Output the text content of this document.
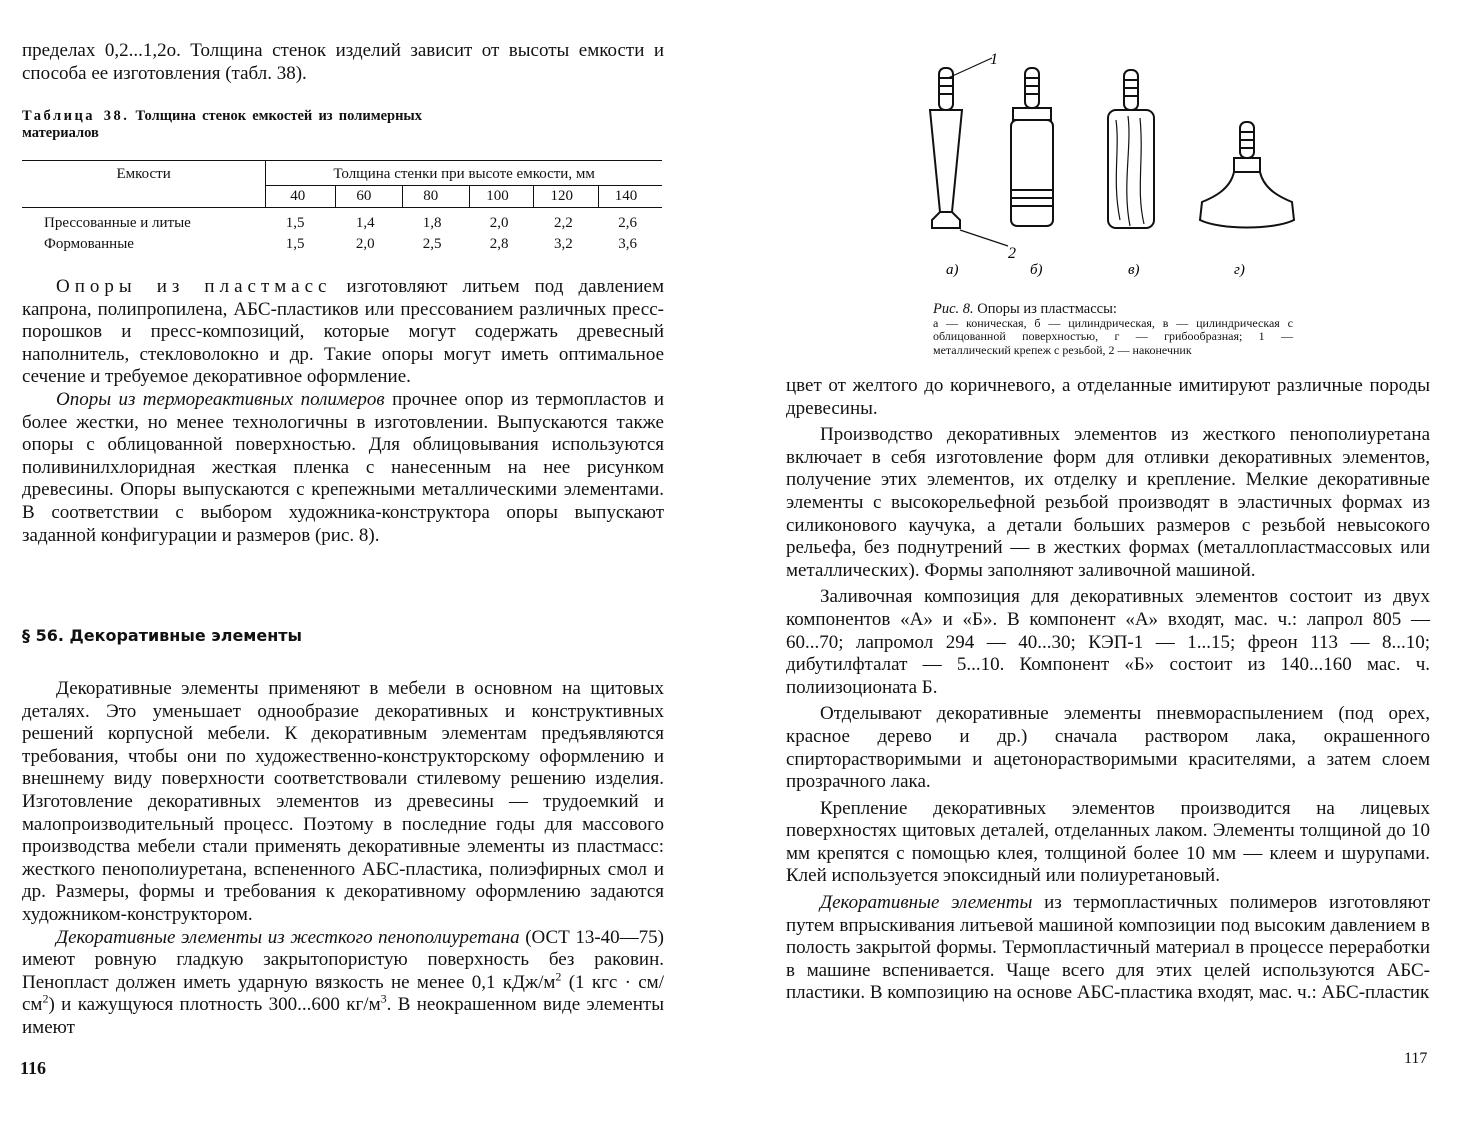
пределах 0,2...1,2о. Толщина стенок изделий зависит от высоты емкости и способа ее изготовления (табл. 38).

Таблица 38. Толщина стенок емкостей из полимерных материалов

Емкости	Толщина стенки при высоте емкости, мм					
	40	60	80	100	120	140
Прессованные и литые	1,5	1,4	1,8	2,0	2,2	2,6
Формованные	1,5	2,0	2,5	2,8	3,2	3,6

Опоры из пластмасс изготовляют литьем под давлением капрона, полипропилена, АБС-пластиков или прессованием различных пресс-порошков и пресс-композиций, которые могут содержать древесный наполнитель, стекловолокно и др. Такие опоры могут иметь оптимальное сечение и требуемое декоративное оформление.

Опоры из термореактивных полимеров прочнее опор из термопластов и более жестки, но менее технологичны в изготовлении. Выпускаются также опоры с облицованной поверхностью. Для облицовывания используются поливинилхлоридная жесткая пленка с нанесенным на нее рисунком древесины. Опоры выпускаются с крепежными металлическими элементами. В соответствии с выбором художника-конструктора опоры выпускают заданной конфигурации и размеров (рис. 8).

§ 56. Декоративные элементы

Декоративные элементы применяют в мебели в основном на щитовых деталях. Это уменьшает однообразие декоративных и конструктивных решений корпусной мебели. К декоративным элементам предъявляются требования, чтобы они по художественно-конструкторскому оформлению и внешнему виду поверхности соответствовали стилевому решению изделия. Изготовление декоративных элементов из древесины — трудоемкий и малопроизводительный процесс. Поэтому в последние годы для массового производства мебели стали применять декоративные элементы из пластмасс: жесткого пенополиуретана, вспененного АБС-пластика, полиэфирных смол и др. Размеры, формы и требования к декоративному оформлению задаются художником-конструктором.

Декоративные элементы из жесткого пенополиуретана (ОСТ 13-40—75) имеют ровную гладкую закрытопористую поверхность без раковин. Пенопласт должен иметь ударную вязкость не менее 0,1 кДж/$м^2$ (1 кгс · $см/см^2$) и кажущуюся плотность 300...600 $кг/м^3$. В неокрашенном виде элементы имеют

116
1
2
а)	б)	в)	г)
Рис. 8. Опоры из пластмассы:
а — коническая, б — цилиндрическая, в — цилиндрическая с облицованной поверхностью, г — грибообразная; 1 — металлический крепеж с резьбой, 2 — наконечник

цвет от желтого до коричневого, а отделанные имитируют различные породы древесины.

Производство декоративных элементов из жесткого пенополиуретана включает в себя изготовление форм для отливки декоративных элементов, получение этих элементов, их отделку и крепление. Мелкие декоративные элементы с высокорельефной резьбой производят в эластичных формах из силиконового каучука, а детали больших размеров с резьбой невысокого рельефа, без поднутрений — в жестких формах (металлопластмассовых или металлических). Формы заполняют заливочной машиной.

Заливочная композиция для декоративных элементов состоит из двух компонентов «А» и «Б». В компонент «А» входят, мас. ч.: лапрол 805 — 60...70; лапромол 294 — 40...30; КЭП-1 — 1...15; фреон 113 — 8...10; дибутилфталат — 5...10. Компонент «Б» состоит из 140...160 мас. ч. полиизоционата Б.

Отделывают декоративные элементы пневмораспылением (под орех, красное дерево и др.) сначала раствором лака, окрашенного спирторастворимыми и ацетонорастворимыми красителями, а затем слоем прозрачного лака.

Крепление декоративных элементов производится на лицевых поверхностях щитовых деталей, отделанных лаком. Элементы толщиной до 10 мм крепятся с помощью клея, толщиной более 10 мм — клеем и шурупами. Клей используется эпоксидный или полиуретановый.

Декоративные элементы из термопластичных полимеров изготовляют путем впрыскивания литьевой машиной композиции под высоким давлением в полость закрытой формы. Термопластичный материал в процессе переработки в машине вспенивается. Чаще всего для этих целей используются АБС-пластики. В композицию на основе АБС-пластика входят, мас. ч.: АБС-пластик

117
